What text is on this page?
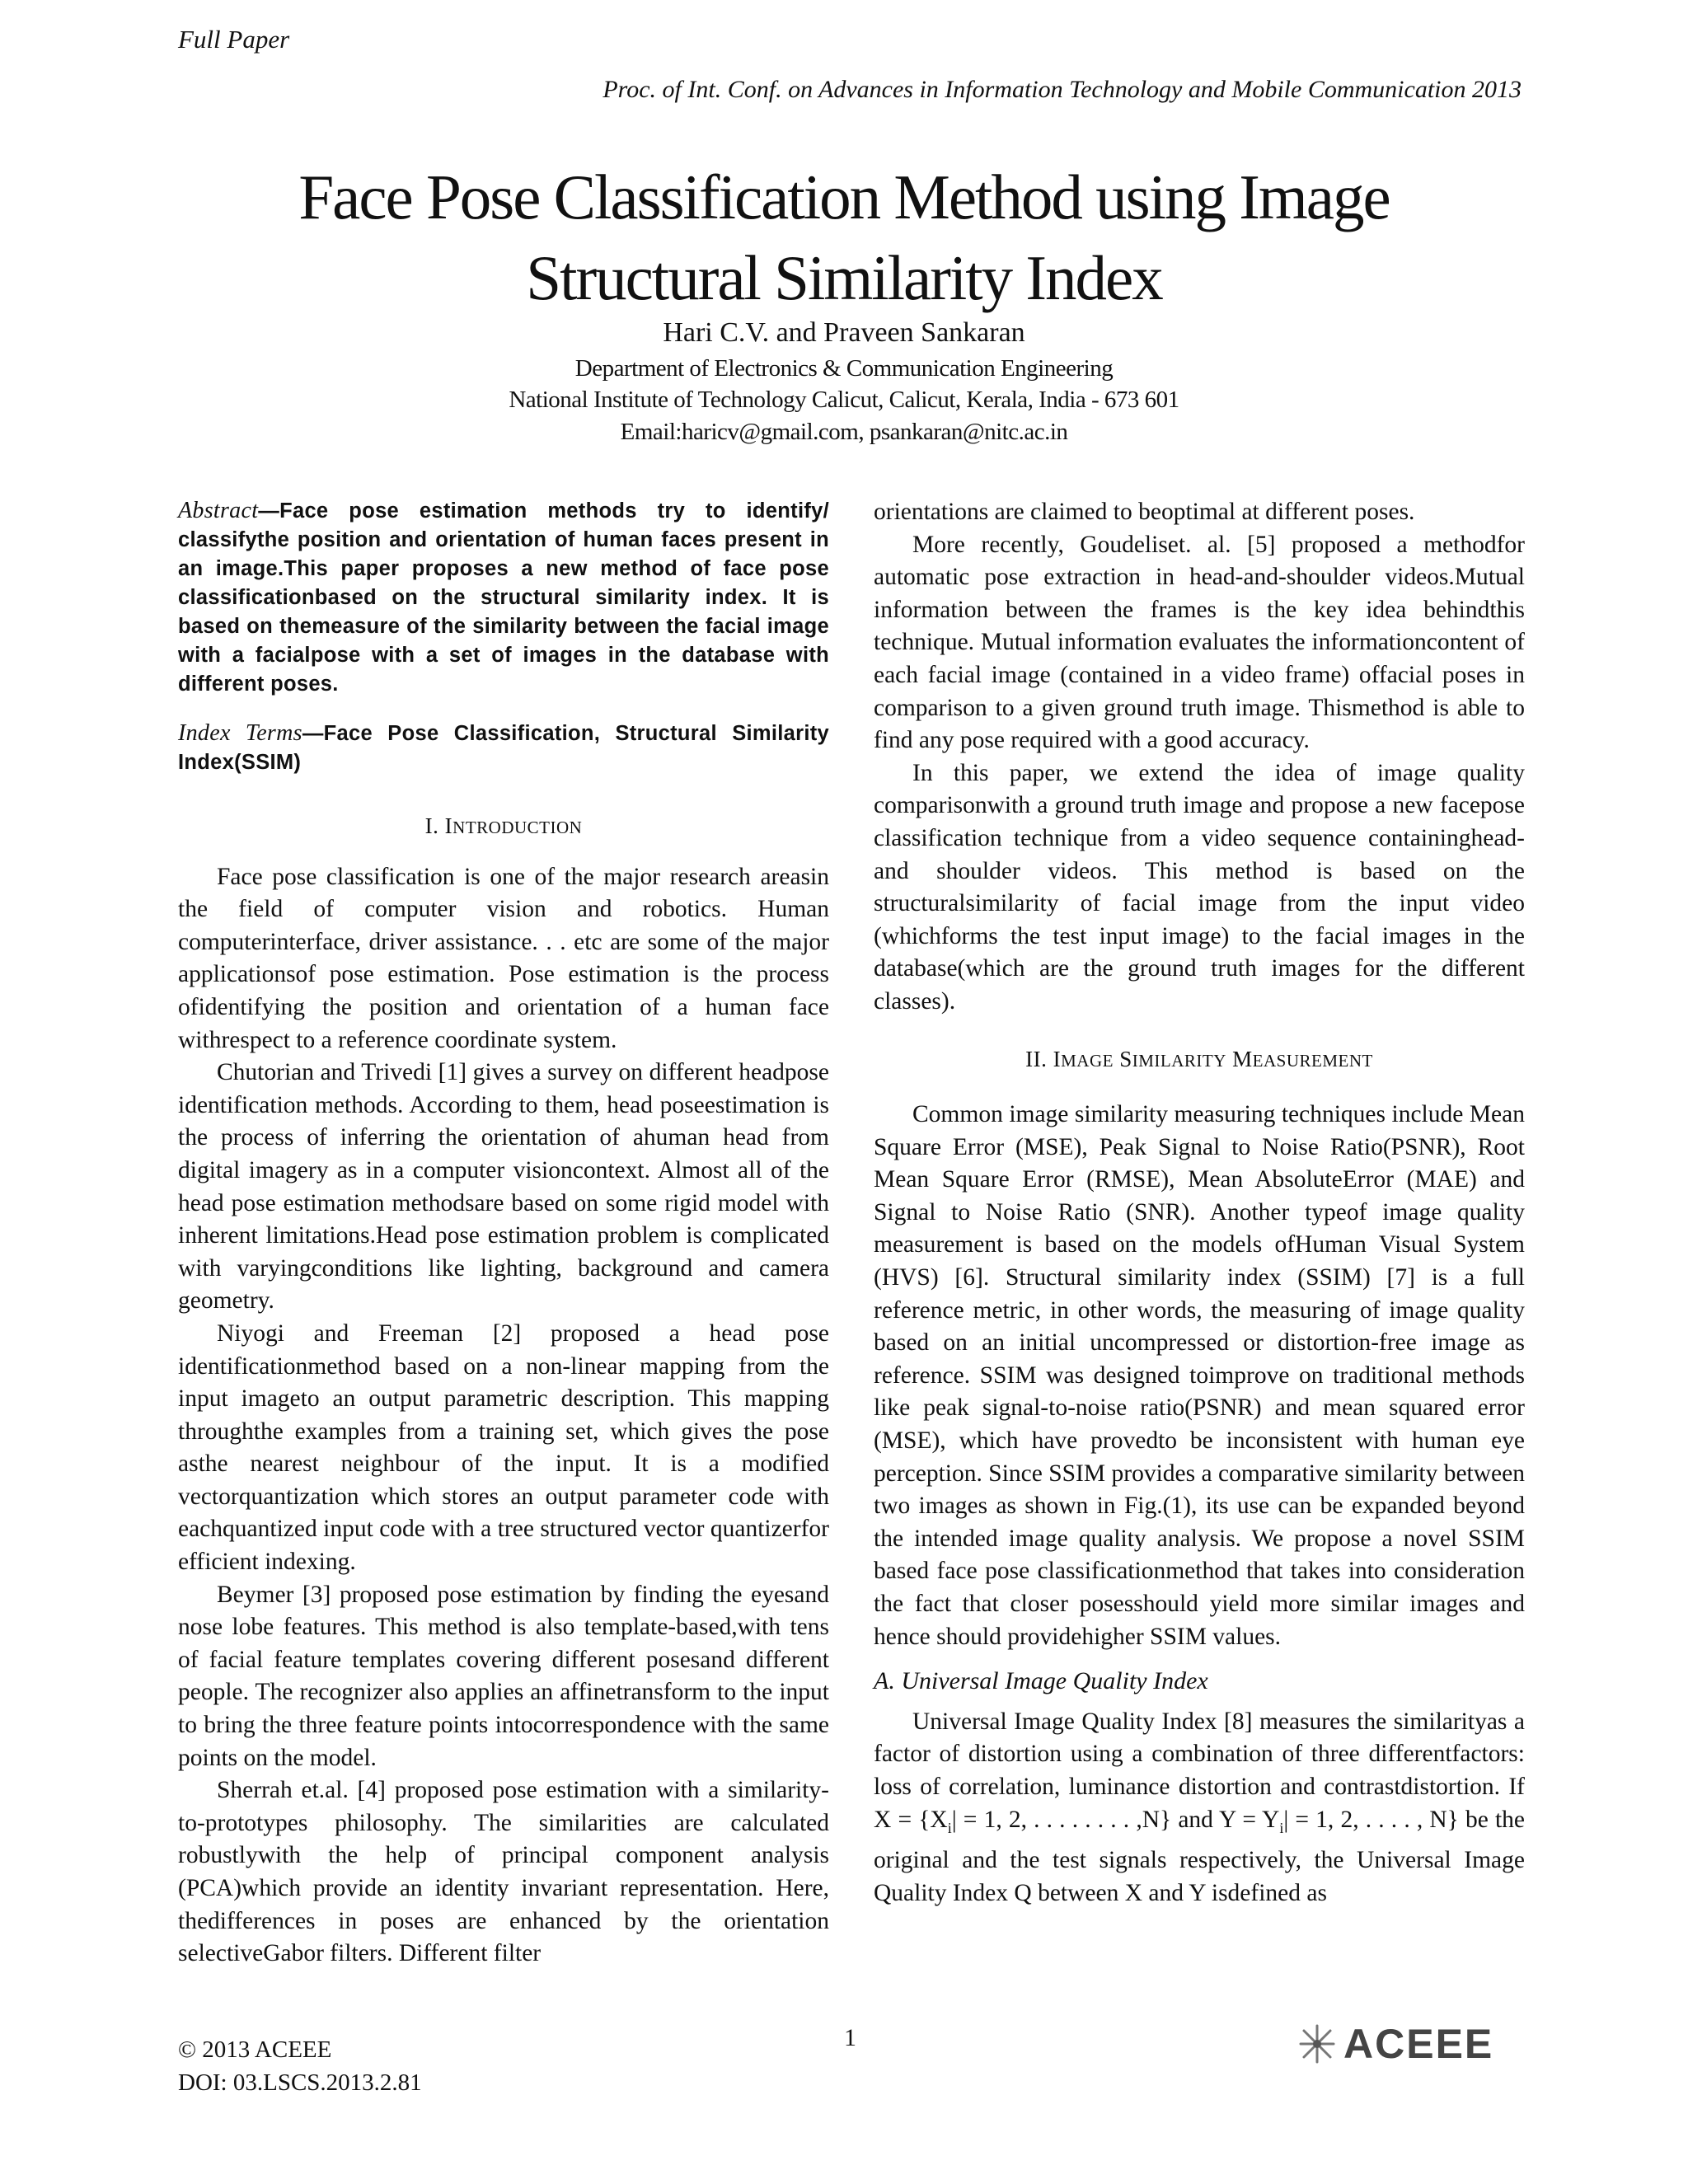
Full Paper
Proc. of Int. Conf. on Advances in Information Technology and Mobile Communication 2013
Face Pose Classification Method using Image
Structural Similarity Index
Hari C.V. and Praveen Sankaran
Department of Electronics & Communication Engineering
National Institute of Technology Calicut, Calicut, Kerala, India - 673 601
Email:haricv@gmail.com, psankaran@nitc.ac.in

Abstract—Face pose estimation methods try to identify/ classifythe position and orientation of human faces present in an image.This paper proposes a new method of face pose classificationbased on the structural similarity index. It is based on themeasure of the similarity between the facial image with a facialpose with a set of images in the database with different poses.

Index Terms—Face Pose Classification, Structural Similarity Index(SSIM)

I. INTRODUCTION

Face pose classification is one of the major research areasin the field of computer vision and robotics. Human computerinterface, driver assistance. . . etc are some of the major applicationsof pose estimation. Pose estimation is the process ofidentifying the position and orientation of a human face withrespect to a reference coordinate system.

Chutorian and Trivedi [1] gives a survey on different headpose identification methods. According to them, head poseestimation is the process of inferring the orientation of ahuman head from digital imagery as in a computer visioncontext. Almost all of the head pose estimation methodsare based on some rigid model with inherent limitations.Head pose estimation problem is complicated with varyingconditions like lighting, background and camera geometry.

Niyogi and Freeman [2] proposed a head pose identificationmethod based on a non-linear mapping from the input imageto an output parametric description. This mapping throughthe examples from a training set, which gives the pose asthe nearest neighbour of the input. It is a modified vectorquantization which stores an output parameter code with eachquantized input code with a tree structured vector quantizerfor efficient indexing.

Beymer [3] proposed pose estimation by finding the eyesand nose lobe features. This method is also template-based,with tens of facial feature templates covering different posesand different people. The recognizer also applies an affinetransform to the input to bring the three feature points intocorrespondence with the same points on the model.

Sherrah et.al. [4] proposed pose estimation with a similarity-to-prototypes philosophy. The similarities are calculated robustlywith the help of principal component analysis (PCA)which provide an identity invariant representation. Here, thedifferences in poses are enhanced by the orientation selectiveGabor filters. Different filter

orientations are claimed to beoptimal at different poses.

More recently, Goudeliset. al. [5] proposed a methodfor automatic pose extraction in head-and-shoulder videos.Mutual information between the frames is the key idea behindthis technique. Mutual information evaluates the informationcontent of each facial image (contained in a video frame) offacial poses in comparison to a given ground truth image. Thismethod is able to find any pose required with a good accuracy.

In this paper, we extend the idea of image quality comparisonwith a ground truth image and propose a new facepose classification technique from a video sequence containinghead-and shoulder videos. This method is based on the structuralsimilarity of facial image from the input video (whichforms the test input image) to the facial images in the database(which are the ground truth images for the different classes).

II. IMAGE SIMILARITY MEASUREMENT

Common image similarity measuring techniques include Mean Square Error (MSE), Peak Signal to Noise Ratio(PSNR), Root Mean Square Error (RMSE), Mean AbsoluteError (MAE) and Signal to Noise Ratio (SNR). Another typeof image quality measurement is based on the models ofHuman Visual System (HVS) [6]. Structural similarity index (SSIM) [7] is a full reference metric, in other words, the measuring of image quality based on an initial uncompressed or distortion-free image as reference. SSIM was designed toimprove on traditional methods like peak signal-to-noise ratio(PSNR) and mean squared error (MSE), which have provedto be inconsistent with human eye perception. Since SSIM provides a comparative similarity between two images as shown in Fig.(1), its use can be expanded beyond the intended image quality analysis. We propose a novel SSIM based face pose classificationmethod that takes into consideration the fact that closer posesshould yield more similar images and hence should providehigher SSIM values.

A. Universal Image Quality Index

Universal Image Quality Index [8] measures the similarityas a factor of distortion using a combination of three differentfactors: loss of correlation, luminance distortion and contrastdistortion. If $X = \{X_i| = 1$, 2, . . . . . . . . ,N} and $Y = Y_i| = 1$, 2, . . . . , N} be the original and the test signals respectively, the Universal Image Quality Index Q between X and Y isdefined as

© 2013 ACEEE
DOI: 03.LSCS.2013.2.81
1	ACEEE
